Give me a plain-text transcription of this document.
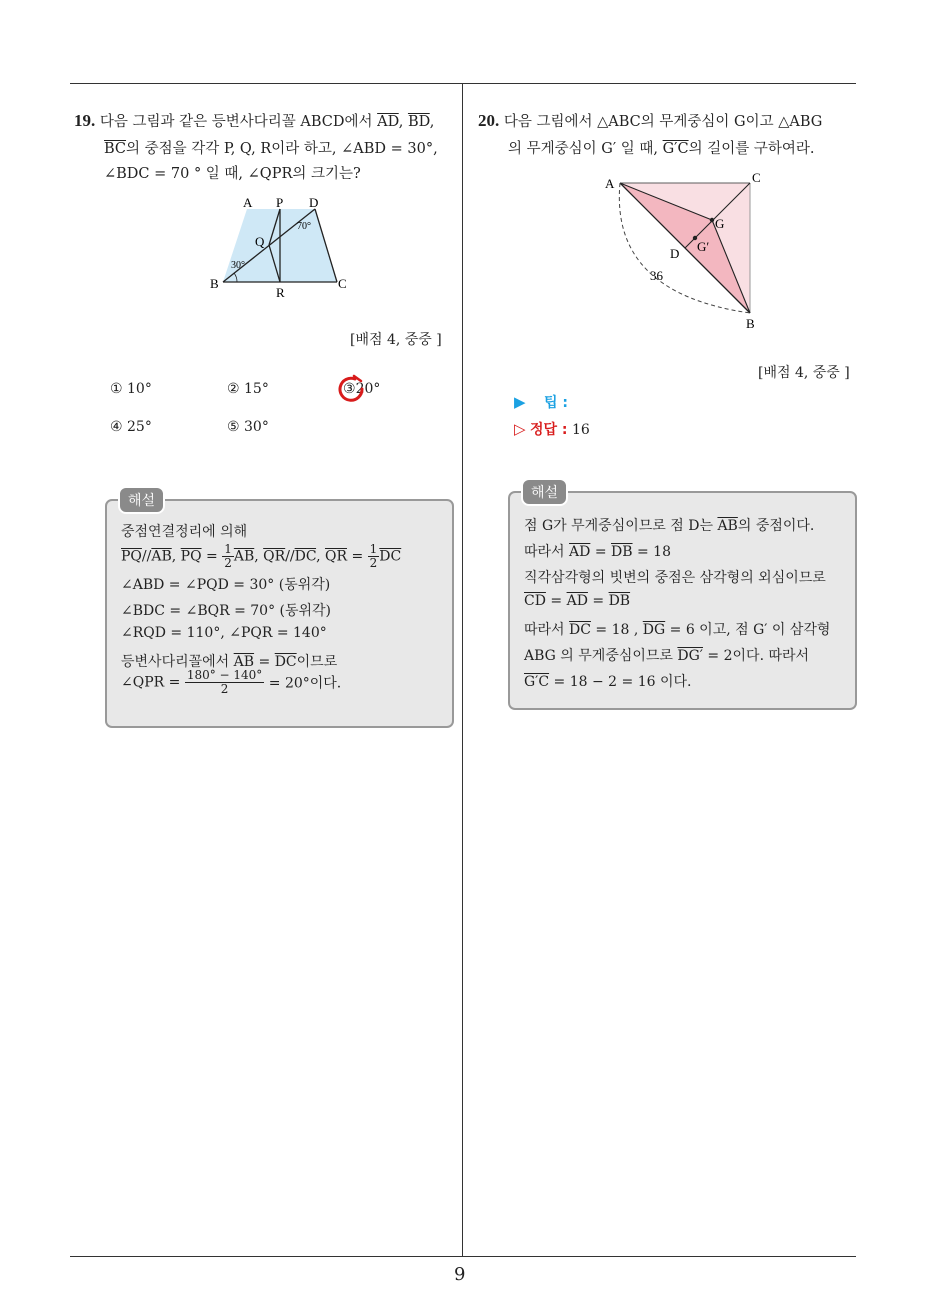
9
19. 다음 그림과 같은 등변사다리꼴 ABCD에서 $\overline{AD}$, $\overline{BD}$,
$\overline{BC}$의 중점을 각각 P, Q, R이라 하고, ∠ABD = 30°,
∠BDC = 70 ° 일 때, ∠QPR의 크기는?
A P D
Q
70°
30°
B
R
C
[배점 4, 중중 ]
① 10°	② 15°	③20°
④ 25°	⑤ 30°
중점연결정리에 의해
$\overline{PQ}//\overline{AB}$, $\overline{PQ} = \frac{1}{2} \overline{AB}$, $\overline{QR}//\overline{DC}$, $\overline{QR} = \frac{1}{2} \overline{DC}$
∠ABD = ∠PQD = 30° (동위각)
∠BDC = ∠BQR = 70° (동위각)
∠RQD = 110°, ∠PQR = 140°
등변사다리꼴에서 $\overline{AB} = \overline{DC}$이므로
∠QPR = $\frac{180^\circ - 140^\circ}{2} = 20^\circ$이다.
해설
20. 다음 그림에서 △ABC의 무게중심이 G이고 △ABG
의 무게중심이 G′ 일 때, G′C의 길이를 구하여라.
A	C
G
D G′
36
B
[배점 4, 중중 ]
▶ 팁 :
▷ 정답 : 16
점 G가 무게중심이므로 점 D는 $\overline{AB}$의 중점이다.
따라서 $\overline{AD} = \overline{DB} = 18$
직각삼각형의 빗변의 중점은 삼각형의 외심이므로
$\overline{CD} = \overline{AD} = \overline{DB}$
따라서 $\overline{DC} = 18$ , $\overline{DG} = 6$ 이고, 점 G′ 이 삼각형
ABG 의 무게중심이므로 DG′ = 2이다. 따라서
G′C = 18 − 2 = 16 이다.
해설
